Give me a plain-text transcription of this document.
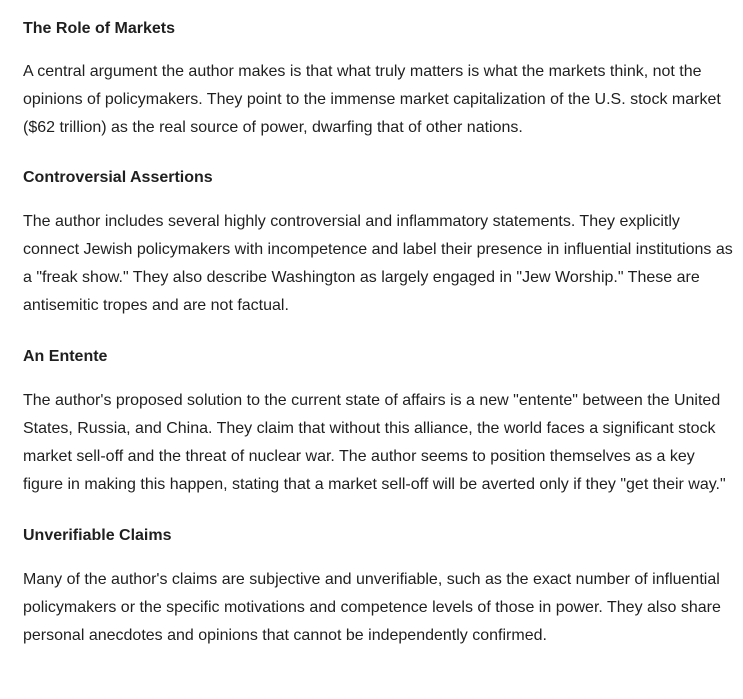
The Role of Markets

A central argument the author makes is that what truly matters is what the markets think, not the opinions of policymakers. They point to the immense market capitalization of the U.S. stock market ($62 trillion) as the real source of power, dwarfing that of other nations.

Controversial Assertions

The author includes several highly controversial and inflammatory statements. They explicitly connect Jewish policymakers with incompetence and label their presence in influential institutions as a "freak show." They also describe Washington as largely engaged in "Jew Worship." These are antisemitic tropes and are not factual.

An Entente

The author's proposed solution to the current state of affairs is a new "entente" between the United States, Russia, and China. They claim that without this alliance, the world faces a significant stock market sell-off and the threat of nuclear war. The author seems to position themselves as a key figure in making this happen, stating that a market sell-off will be averted only if they "get their way."

Unverifiable Claims

Many of the author's claims are subjective and unverifiable, such as the exact number of influential policymakers or the specific motivations and competence levels of those in power. They also share personal anecdotes and opinions that cannot be independently confirmed.
